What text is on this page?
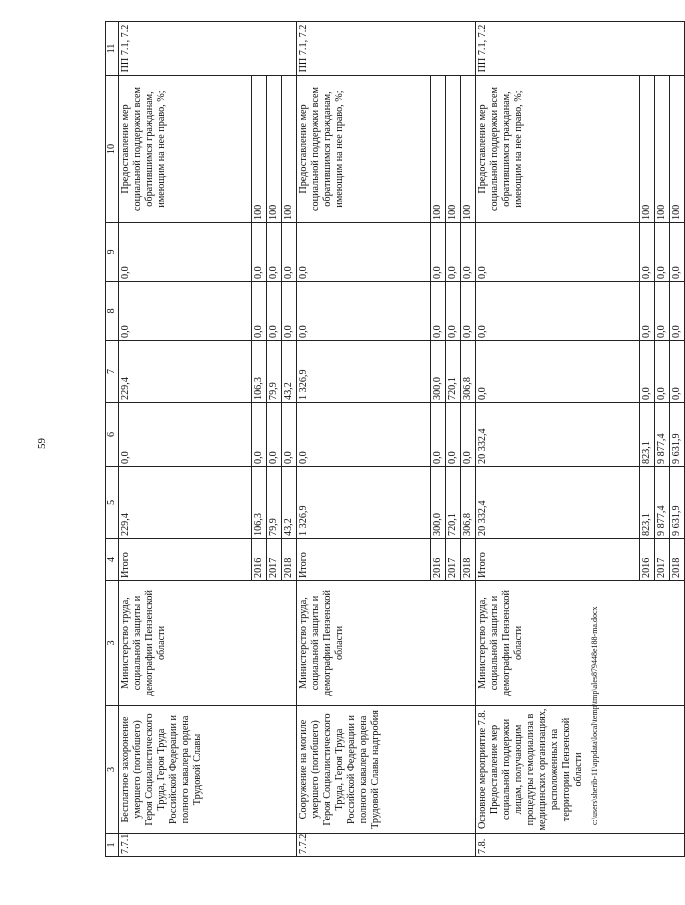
59
1	3	3	4	5	6	7	8	9	10	11
7.7.1	Бесплатное захоронение умершего (погибшего) Героя Социалистического Труда, Героя Труда Российской Федерации и полного кавалера ордена Трудовой Славы	Министерство труда, социальной защиты и демографии Пензенской области	Итого	229,4	0,0	229,4	0,0	0,0	Предоставление мер социальной поддержки всем обратившимся гражданам, имеющим на нее право, %;	ПП 7.1, 7.2
			2016	106,3	0,0	106,3	0,0	0,0	100	
			2017	79,9	0,0	79,9	0,0	0,0	100	
			2018	43,2	0,0	43,2	0,0	0,0	100	
7.7.2	Сооружение на могиле умершего (погибшего) Героя Социалистического Труда, Героя Труда Российской Федерации и полного кавалера ордена Трудовой Славы надгробия	Министерство труда, социальной защиты и демографии Пензенской области	Итого	1 326,9	0,0	1 326,9	0,0	0,0	Предоставление мер социальной поддержки всем обратившимся гражданам, имеющим на нее право, %;	ПП 7.1, 7.2
			2016	300,0	0,0	300,0	0,0	0,0	100	
			2017	720,1	0,0	720,1	0,0	0,0	100	
			2018	306,8	0,0	306,8	0,0	0,0	100	
7.8.	Основное мероприятие 7.8. Предоставление мер социальной поддержки лицам, получающим процедуры гемодиализа в медицинских организациях, расположенных на территории Пензенской области	Министерство труда, социальной защиты и демографии Пензенской области	Итого	20 332,4	20 332,4	0,0	0,0	0,0	Предоставление мер социальной поддержки всем обратившимся гражданам, имеющим на нее право, %;	ПП 7.1, 7.2
			2016	823,1	823,1	0,0	0,0	0,0	100	
			2017	9 877,4	9 877,4	0,0	0,0	0,0	100	
			2018	9 631,9	9 631,9	0,0	0,0	0,0	100	
c:\users\sherib-11\appdata\local\temp\tmp\ales879448e188-ma.docx
